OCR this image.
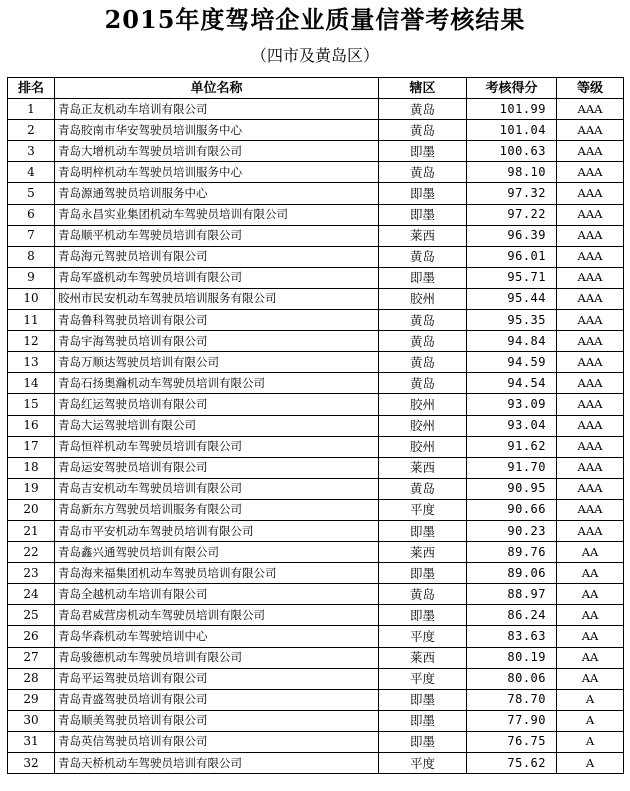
2015年度驾培企业质量信誉考核结果
（四市及黄岛区）
排名	单位名称	辖区	考核得分	等级
1	青岛正友机动车培训有限公司	黄岛	101.99	AAA
2	青岛胶南市华安驾驶员培训服务中心	黄岛	101.04	AAA
3	青岛大增机动车驾驶员培训有限公司	即墨	100.63	AAA
4	青岛明梓机动车驾驶员培训服务中心	黄岛	98.10	AAA
5	青岛源通驾驶员培训服务中心	即墨	97.32	AAA
6	青岛永昌实业集团机动车驾驶员培训有限公司	即墨	97.22	AAA
7	青岛顺平机动车驾驶员培训有限公司	莱西	96.39	AAA
8	青岛海元驾驶员培训有限公司	黄岛	96.01	AAA
9	青岛军盛机动车驾驶员培训有限公司	即墨	95.71	AAA
10	胶州市民安机动车驾驶员培训服务有限公司	胶州	95.44	AAA
11	青岛鲁科驾驶员培训有限公司	黄岛	95.35	AAA
12	青岛宇海驾驶员培训有限公司	黄岛	94.84	AAA
13	青岛万顺达驾驶员培训有限公司	黄岛	94.59	AAA
14	青岛石扬奥瀚机动车驾驶员培训有限公司	黄岛	94.54	AAA
15	青岛红运驾驶员培训有限公司	胶州	93.09	AAA
16	青岛大运驾驶培训有限公司	胶州	93.04	AAA
17	青岛恒祥机动车驾驶员培训有限公司	胶州	91.62	AAA
18	青岛运安驾驶员培训有限公司	莱西	91.70	AAA
19	青岛吉安机动车驾驶员培训有限公司	黄岛	90.95	AAA
20	青岛新东方驾驶员培训服务有限公司	平度	90.66	AAA
21	青岛市平安机动车驾驶员培训有限公司	即墨	90.23	AAA
22	青岛鑫兴通驾驶员培训有限公司	莱西	89.76	AA
23	青岛海来福集团机动车驾驶员培训有限公司	即墨	89.06	AA
24	青岛全越机动车培训有限公司	黄岛	88.97	AA
25	青岛君威营房机动车驾驶员培训有限公司	即墨	86.24	AA
26	青岛华森机动车驾驶培训中心	平度	83.63	AA
27	青岛骏德机动车驾驶员培训有限公司	莱西	80.19	AA
28	青岛平运驾驶员培训有限公司	平度	80.06	AA
29	青岛青盛驾驶员培训有限公司	即墨	78.70	A
30	青岛顺美驾驶员培训有限公司	即墨	77.90	A
31	青岛英信驾驶员培训有限公司	即墨	76.75	A
32	青岛天桥机动车驾驶员培训有限公司	平度	75.62	A
